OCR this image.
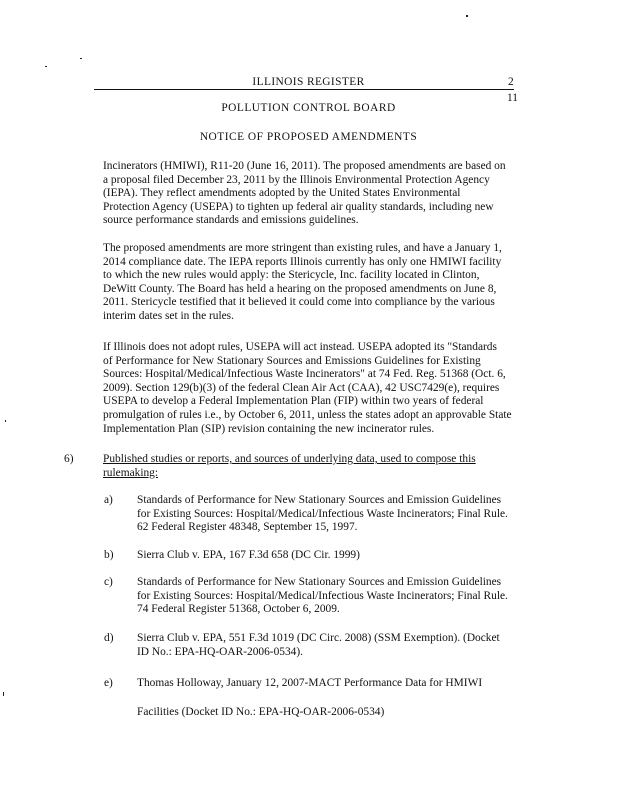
ILLINOIS REGISTER	2
11
POLLUTION CONTROL BOARD
NOTICE OF PROPOSED AMENDMENTS
Incinerators (HMIWI), R11-20 (June 16, 2011). The proposed amendments are based on
a proposal filed December 23, 2011 by the Illinois Environmental Protection Agency
(IEPA). They reflect amendments adopted by the United States Environmental
Protection Agency (USEPA) to tighten up federal air quality standards, including new
source performance standards and emissions guidelines.
The proposed amendments are more stringent than existing rules, and have a January 1,
2014 compliance date. The IEPA reports Illinois currently has only one HMIWI facility
to which the new rules would apply: the Stericycle, Inc. facility located in Clinton,
DeWitt County. The Board has held a hearing on the proposed amendments on June 8,
2011. Stericycle testified that it believed it could come into compliance by the various
interim dates set in the rules.
If Illinois does not adopt rules, USEPA will act instead. USEPA adopted its "Standards
of Performance for New Stationary Sources and Emissions Guidelines for Existing
Sources: Hospital/Medical/Infectious Waste Incinerators" at 74 Fed. Reg. 51368 (Oct. 6,
2009). Section 129(b)(3) of the federal Clean Air Act (CAA), 42 USC7429(e), requires
USEPA to develop a Federal Implementation Plan (FIP) within two years of federal
promulgation of rules i.e., by October 6, 2011, unless the states adopt an approvable State
Implementation Plan (SIP) revision containing the new incinerator rules.
6)	Published studies or reports, and sources of underlying data, used to compose this
rulemaking:
a) Standards of Performance for New Stationary Sources and Emission Guidelines
for Existing Sources: Hospital/Medical/Infectious Waste Incinerators; Final Rule.
62 Federal Register 48348, September 15, 1997.
b) Sierra Club v. EPA, 167 F.3d 658 (DC Cir. 1999)
c) Standards of Performance for New Stationary Sources and Emission Guidelines
for Existing Sources: Hospital/Medical/Infectious Waste Incinerators; Final Rule.
74 Federal Register 51368, October 6, 2009.
d) Sierra Club v. EPA, 551 F.3d 1019 (DC Circ. 2008) (SSM Exemption). (Docket
ID No.: EPA-HQ-OAR-2006-0534).
e) Thomas Holloway, January 12, 2007-MACT Performance Data for HMIWI
Facilities (Docket ID No.: EPA-HQ-OAR-2006-0534)
